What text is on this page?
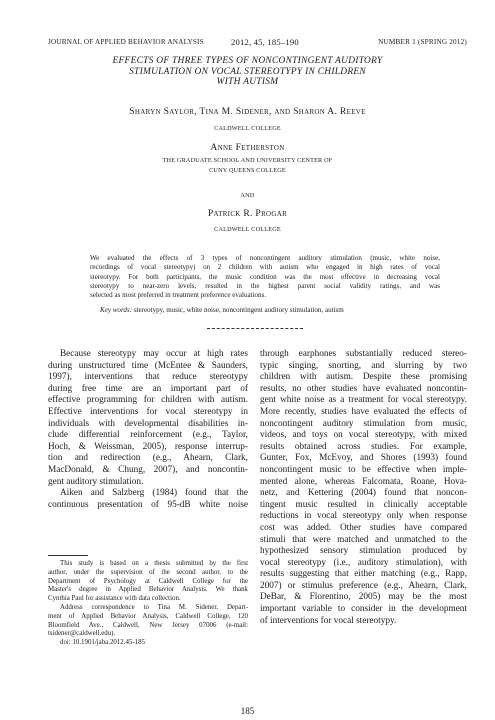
JOURNAL OF APPLIED BEHAVIOR ANALYSIS	2012, 45, 185–190	NUMBER 1 (SPRING 2012)
EFFECTS OF THREE TYPES OF NONCONTINGENT AUDITORY
STIMULATION ON VOCAL STEREOTYPY IN CHILDREN
WITH AUTISM
Sharyn Saylor, Tina M. Sidener, and Sharon A. Reeve
CALDWELL COLLEGE
Anne Fetherston
THE GRADUATE SCHOOL AND UNIVERSITY CENTER OF
CUNY QUEENS COLLEGE
AND
Patrick R. Progar
CALDWELL COLLEGE
We evaluated the effects of 3 types of noncontingent auditory stimulation (music, white noise,
recordings of vocal stereotypy) on 2 children with autism who engaged in high rates of vocal
stereotypy. For both participants, the music condition was the most effective in decreasing vocal
stereotypy to near-zero levels, resulted in the highest parent social validity ratings, and was
selected as most preferred in treatment preference evaluations.
Key words: stereotypy, music, white noise, noncontingent auditory stimulation, autism
Because stereotypy may occur at high rates
during unstructured time (McEntee & Saunders,
1997), interventions that reduce stereotypy
during free time are an important part of
effective programming for children with autism.
Effective interventions for vocal stereotypy in
individuals with developmental disabilities in-
clude differential reinforcement (e.g., Taylor,
Hoch, & Weissman, 2005), response interrup-
tion and redirection (e.g., Ahearn, Clark,
MacDonald, & Chung, 2007), and noncontin-
gent auditory stimulation.
Aiken and Salzberg (1984) found that the
continuous presentation of 95-dB white noise
through earphones substantially reduced stereo-
typic singing, snorting, and slurring by two
children with autism. Despite these promising
results, no other studies have evaluated noncontin-
gent white noise as a treatment for vocal stereotypy.
More recently, studies have evaluated the effects of
noncontingent auditory stimulation from music,
videos, and toys on vocal stereotypy, with mixed
results obtained across studies. For example,
Gunter, Fox, McEvoy, and Shores (1993) found
noncontingent music to be effective when imple-
mented alone, whereas Falcomata, Roane, Hova-
netz, and Kettering (2004) found that noncon-
tingent music resulted in clinically acceptable
reductions in vocal stereotypy only when response
cost was added. Other studies have compared
stimuli that were matched and unmatched to the
hypothesized sensory stimulation produced by
vocal stereotypy (i.e., auditory stimulation), with
results suggesting that either matching (e.g., Rapp,
2007) or stimulus preference (e.g., Ahearn, Clark,
DeBar, & Florentino, 2005) may be the most
important variable to consider in the development
of interventions for vocal stereotypy.
This study is based on a thesis submitted by the first
author, under the supervision of the second author, to the
Department of Psychology at Caldwell College for the
Master's degree in Applied Behavior Analysis. We thank
Cynthia Paul for assistance with data collection.
Address correspondence to Tina M. Sidener, Depart-
ment of Applied Behavior Analysis, Caldwell College, 120
Bloomfield Ave., Caldwell, New Jersey 07006 (e-mail:
tsidener@caldwell.edu).
doi: 10.1901/jaba.2012.45-185
185
